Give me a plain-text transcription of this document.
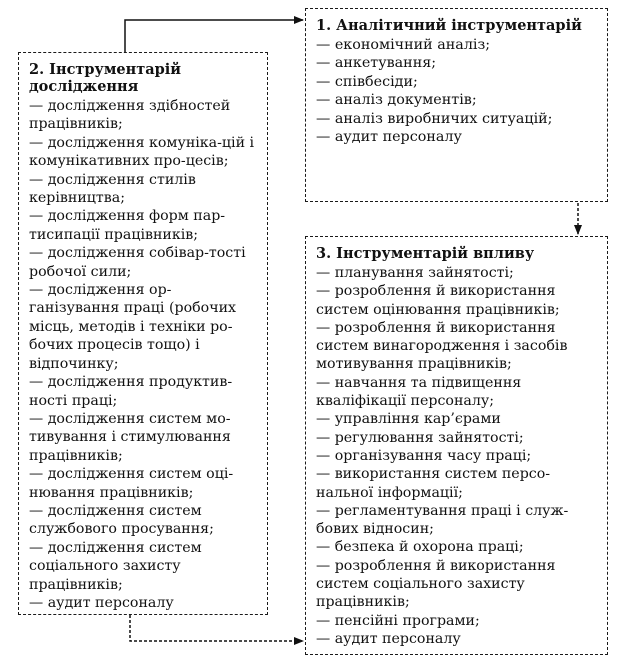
1. Аналітичний інструментарій
— економічний аналіз;
— анкетування;
— співбесіди;
— аналіз документів;
— аналіз виробничих ситуацій;
— аудит персоналу
2. Інструментарій дослідження
— дослідження здібностей працівників;
— дослідження комуніка-цій і комунікативних про-цесів;
— дослідження стилів керівництва;
— дослідження форм пар-тисипації працівників;
— дослідження собівар-тості робочої сили;
— дослідження ор-ганізування праці (робочих місць, методів і техніки ро-бочих процесів тощо) і відпочинку;
— дослідження продуктив-ності праці;
— дослідження систем мо-тивування і стимулювання працівників;
— дослідження систем оці-нювання працівників;
— дослідження систем службового просування;
— дослідження систем соціального захисту працівників;
— аудит персоналу
3. Інструментарій впливу
— планування зайнятості;
— розроблення й використання систем оцінювання працівників;
— розроблення й використання систем винагородження і засобів мотивування працівників;
— навчання та підвищення кваліфікації персоналу;
— управління кар’єрами
— регулювання зайнятості;
— організування часу праці;
— використання систем персо-нальної інформації;
— регламентування праці і служ-бових відносин;
— безпека й охорона праці;
— розроблення й використання систем соціального захисту працівників;
— пенсійні програми;
— аудит персоналу
